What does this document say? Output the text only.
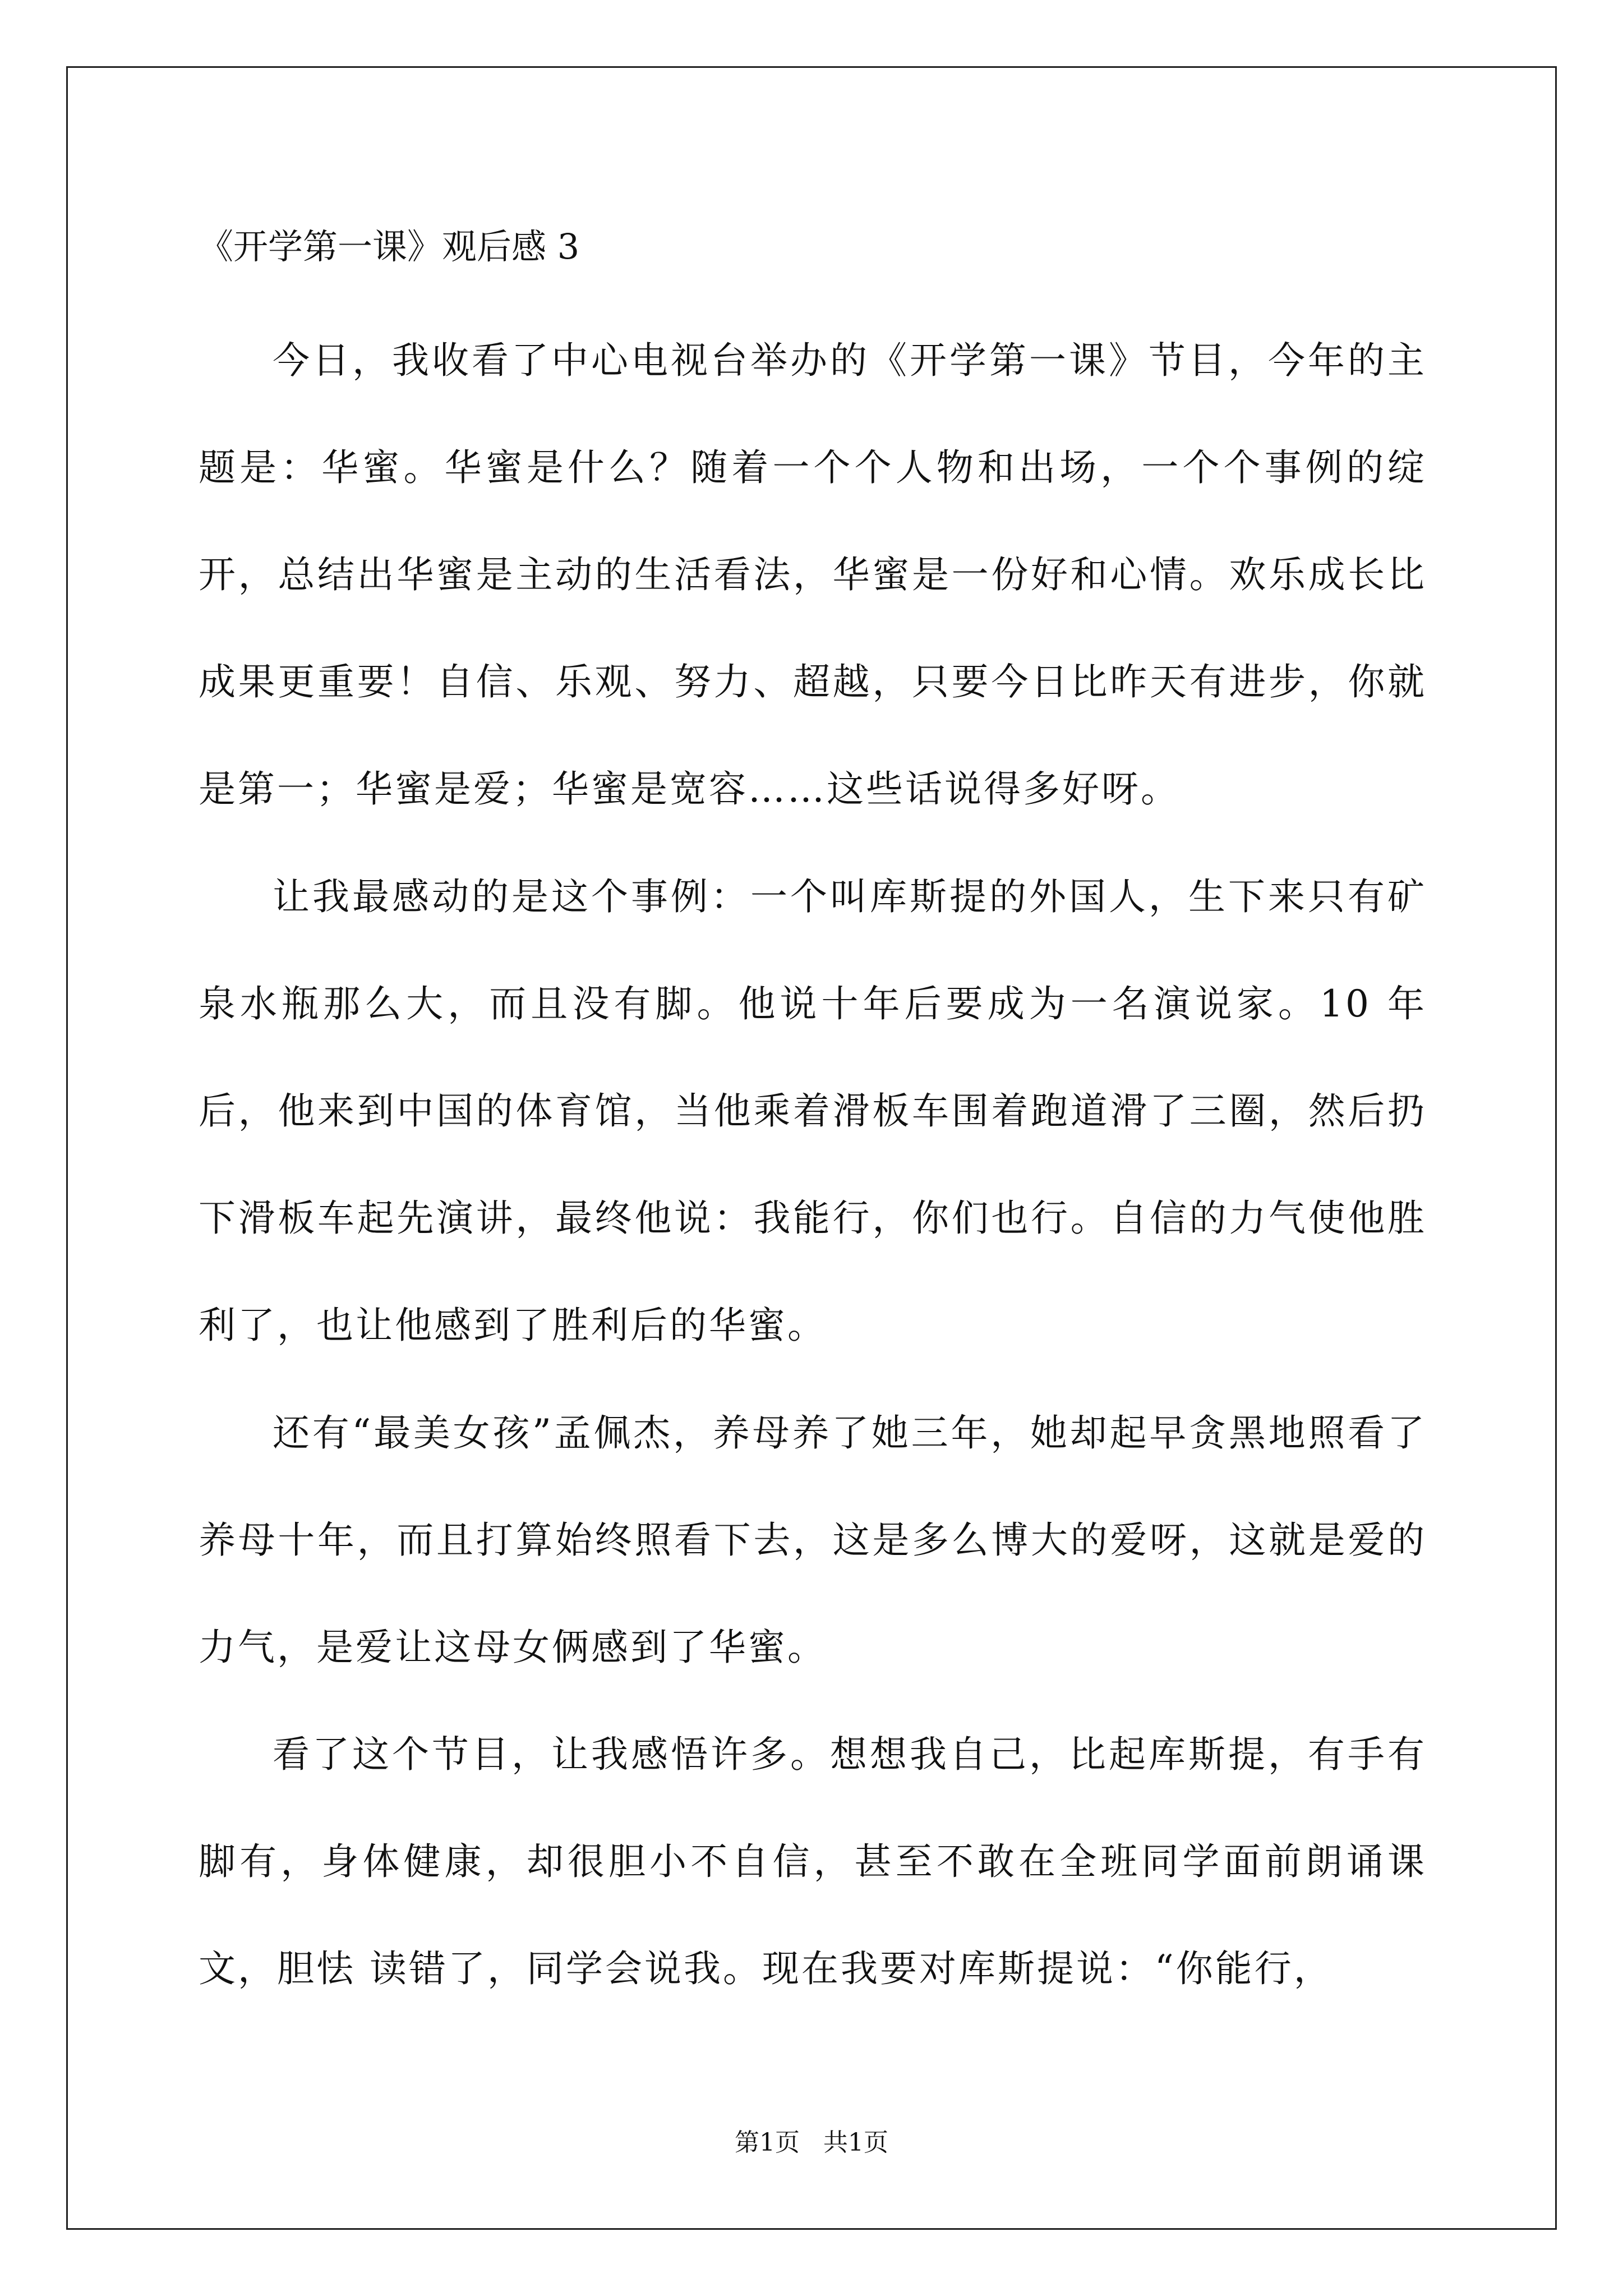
《开学第一课》观后感 3

今日，我收看了中心电视台举办的《开学第一课》节目，今年的主题是：华蜜。华蜜是什么？随着一个个人物和出场，一个个事例的绽开，总结出华蜜是主动的生活看法，华蜜是一份好和心情。欢乐成长比成果更重要！自信、乐观、努力、超越，只要今日比昨天有进步，你就是第一；华蜜是爱；华蜜是宽容……这些话说得多好呀。

让我最感动的是这个事例：一个叫库斯提的外国人，生下来只有矿泉水瓶那么大，而且没有脚。他说十年后要成为一名演说家。10 年后，他来到中国的体育馆，当他乘着滑板车围着跑道滑了三圈，然后扔下滑板车起先演讲，最终他说：我能行，你们也行。自信的力气使他胜利了，也让他感到了胜利后的华蜜。

还有“最美女孩”孟佩杰，养母养了她三年，她却起早贪黑地照看了养母十年，而且打算始终照看下去，这是多么博大的爱呀，这就是爱的力气，是爱让这母女俩感到了华蜜。

看了这个节目，让我感悟许多。想想我自己，比起库斯提，有手有脚有，身体健康，却很胆小不自信，甚至不敢在全班同学面前朗诵课文，胆怯 读错了，同学会说我。现在我要对库斯提说：“你能行，

第1页   共1页
